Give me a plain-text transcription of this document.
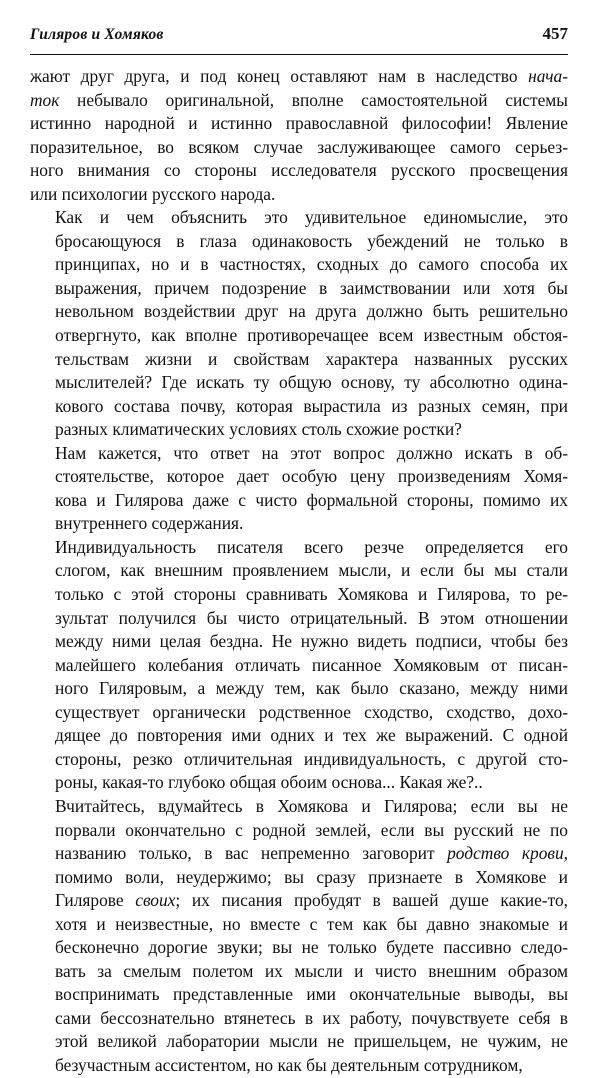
Гиляров и Хомяков	457

жают друг друга, и под конец оставляют нам в наследство нача-
ток небывало оригинальной, вполне самостоятельной системы
истинно народной и истинно православной философии! Явление
поразительное, во всяком случае заслуживающее самого серьез-
ного внимания со стороны исследователя русского просвещения
или психологии русского народа.

Как и чем объяснить это удивительное единомыслие, это
бросающуюся в глаза одинаковость убеждений не только в
принципах, но и в частностях, сходных до самого способа их
выражения, причем подозрение в заимствовании или хотя бы
невольном воздействии друг на друга должно быть решительно
отвергнуто, как вполне противоречащее всем известным обстоя-
тельствам жизни и свойствам характера названных русских
мыслителей? Где искать ту общую основу, ту абсолютно одина-
кового состава почву, которая вырастила из разных семян, при
разных климатических условиях столь схожие ростки?

Нам кажется, что ответ на этот вопрос должно искать в об-
стоятельстве, которое дает особую цену произведениям Хомя-
кова и Гилярова даже с чисто формальной стороны, помимо их
внутреннего содержания.

Индивидуальность писателя всего резче определяется его
слогом, как внешним проявлением мысли, и если бы мы стали
только с этой стороны сравнивать Хомякова и Гилярова, то ре-
зультат получился бы чисто отрицательный. В этом отношении
между ними целая бездна. Не нужно видеть подписи, чтобы без
малейшего колебания отличать писанное Хомяковым от писан-
ного Гиляровым, а между тем, как было сказано, между ними
существует органически родственное сходство, сходство, дохо-
дящее до повторения ими одних и тех же выражений. С одной
стороны, резко отличительная индивидуальность, с другой сто-
роны, какая-то глубоко общая обоим основа... Какая же?..

Вчитайтесь, вдумайтесь в Хомякова и Гилярова; если вы не
порвали окончательно с родной землей, если вы русский не по
названию только, в вас непременно заговорит родство крови,
помимо воли, неудержимо; вы сразу признаете в Хомякове и
Гилярове своих; их писания пробудят в вашей душе какие-то,
хотя и неизвестные, но вместе с тем как бы давно знакомые и
бесконечно дорогие звуки; вы не только будете пассивно следо-
вать за смелым полетом их мысли и чисто внешним образом
воспринимать представленные ими окончательные выводы, вы
сами бессознательно втянетесь в их работу, почувствуете себя в
этой великой лаборатории мысли не пришельцем, не чужим, не
безучастным ассистентом, но как бы деятельным сотрудником,
